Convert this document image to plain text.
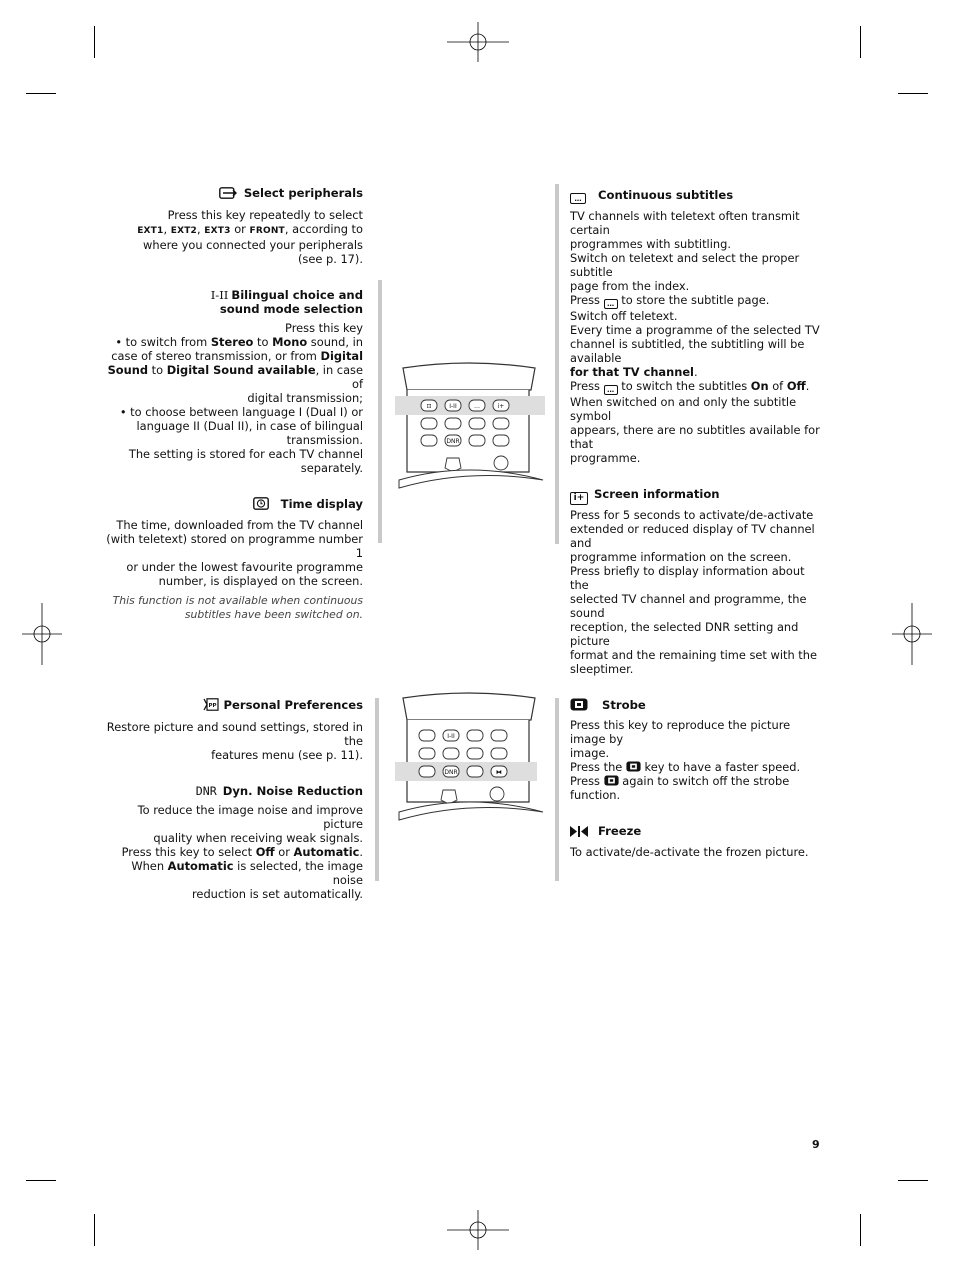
Select peripherals

Press this key repeatedly to select

EXT1, EXT2, EXT3 or FRONT, according to

where you connected your peripherals

(see p. 17).

I-II Bilingual choice and
sound mode selection

Press this key

• to switch from Stereo to Mono sound, in

case of stereo transmission, or from Digital

Sound to Digital Sound available, in case of

digital transmission;

• to choose between language I (Dual I) or

language II (Dual II), in case of bilingual

transmission.

The setting is stored for each TV channel

separately.

Time display

The time, downloaded from the TV channel

(with teletext) stored on programme number 1

or under the lowest favourite programme

number, is displayed on the screen.

This function is not available when continuous

subtitles have been switched on.

⊡	I-II	…	i+
DNR
… Continuous subtitles

TV channels with teletext often transmit certain

programmes with subtitling.

Switch on teletext and select the proper subtitle

page from the index.

Press … to store the subtitle page.

Switch off teletext.

Every time a programme of the selected TV

channel is subtitled, the subtitling will be available

for that TV channel.

Press … to switch the subtitles On of Off.

When switched on and only the subtitle symbol

appears, there are no subtitles available for that

programme.

i+ Screen information

Press for 5 seconds to activate/de-activate

extended or reduced display of TV channel and

programme information on the screen.

Press briefly to display information about the

selected TV channel and programme, the sound

reception, the selected DNR setting and picture

format and the remaining time set with the

sleeptimer.

PP Personal Preferences

Restore picture and sound settings, stored in the

features menu (see p. 11).

DNR Dyn. Noise Reduction

To reduce the image noise and improve picture

quality when receiving weak signals.

Press this key to select Off or Automatic.

When Automatic is selected, the image noise

reduction is set automatically.

I-II
DNR	⧓
Strobe

Press this key to reproduce the picture image by

image.

Press the  key to have a faster speed.

Press  again to switch off the strobe function.

Freeze

To activate/de-activate the frozen picture.

9
